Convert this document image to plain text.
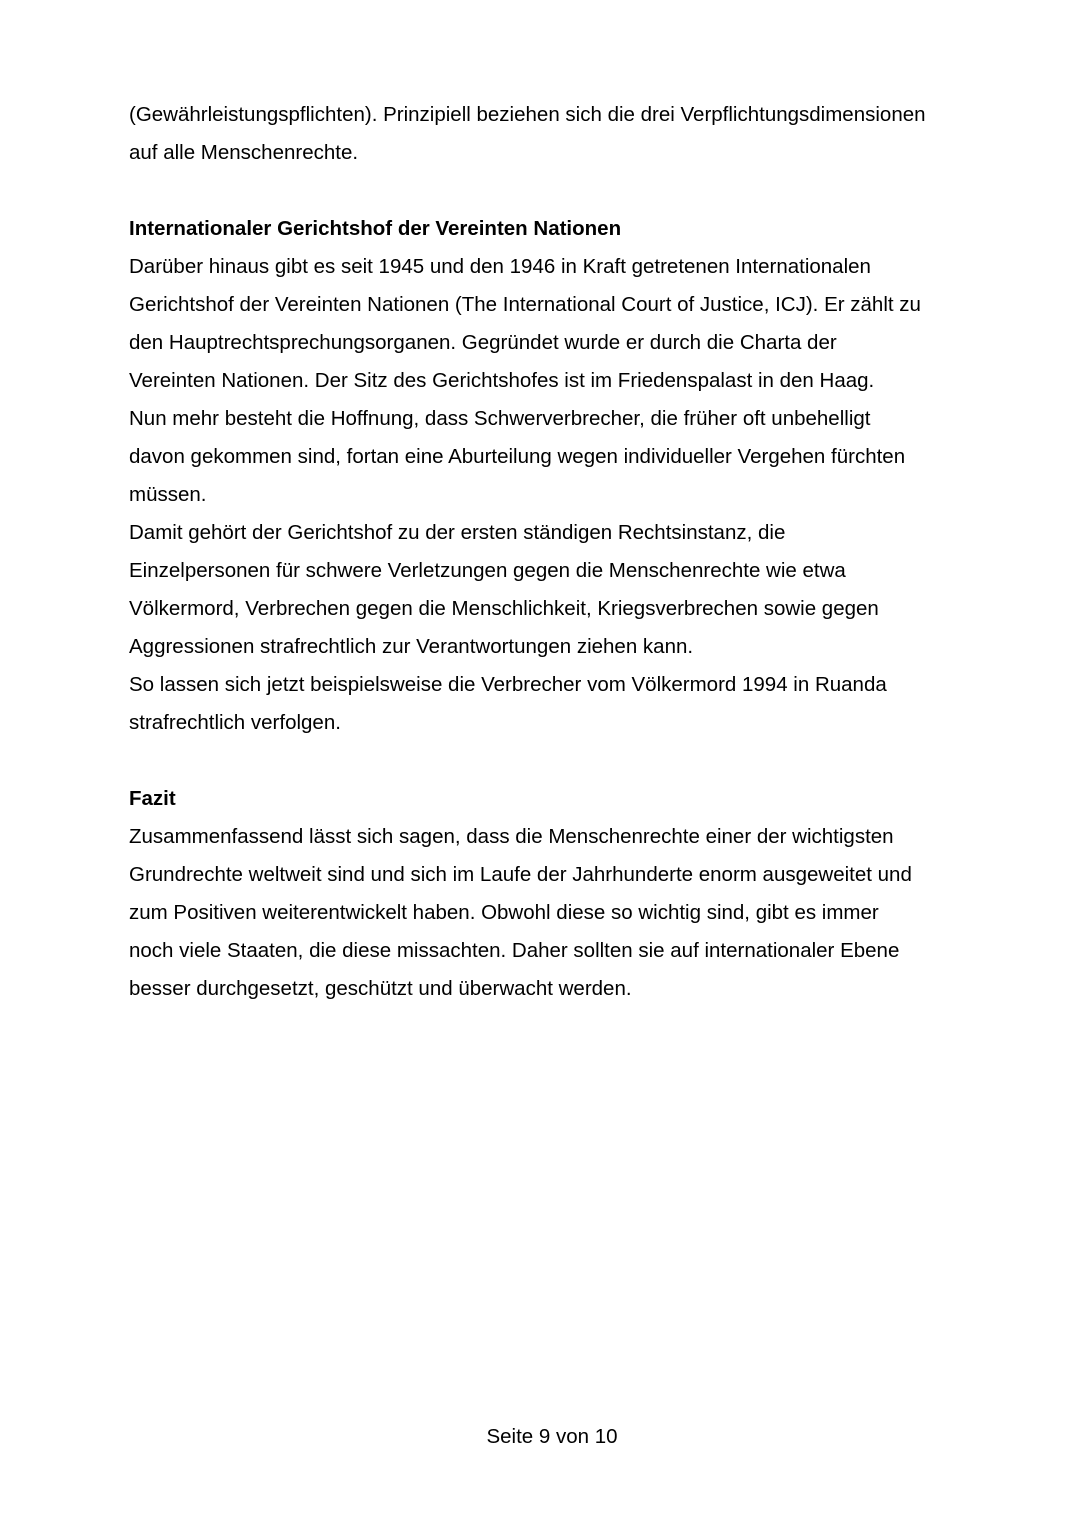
(Gewährleistungspflichten). Prinzipiell beziehen sich die drei Verpflichtungsdimensionen
auf alle Menschenrechte.

Internationaler Gerichtshof der Vereinten Nationen

Darüber hinaus gibt es seit 1945 und den 1946 in Kraft getretenen Internationalen
Gerichtshof der Vereinten Nationen (The International Court of Justice, ICJ). Er zählt zu
den Hauptrechtsprechungsorganen. Gegründet wurde er durch die Charta der
Vereinten Nationen. Der Sitz des Gerichtshofes ist im Friedenspalast in den Haag.
Nun mehr besteht die Hoffnung, dass Schwerverbrecher, die früher oft unbehelligt
davon gekommen sind, fortan eine Aburteilung wegen individueller Vergehen fürchten
müssen.
Damit gehört der Gerichtshof zu der ersten ständigen Rechtsinstanz, die
Einzelpersonen für schwere Verletzungen gegen die Menschenrechte wie etwa
Völkermord, Verbrechen gegen die Menschlichkeit, Kriegsverbrechen sowie gegen
Aggressionen strafrechtlich zur Verantwortungen ziehen kann.
So lassen sich jetzt beispielsweise die Verbrecher vom Völkermord 1994 in Ruanda
strafrechtlich verfolgen.

Fazit

Zusammenfassend lässt sich sagen, dass die Menschenrechte einer der wichtigsten
Grundrechte weltweit sind und sich im Laufe der Jahrhunderte enorm ausgeweitet und
zum Positiven weiterentwickelt haben. Obwohl diese so wichtig sind, gibt es immer
noch viele Staaten, die diese missachten. Daher sollten sie auf internationaler Ebene
besser durchgesetzt, geschützt und überwacht werden.

Seite 9 von 10
